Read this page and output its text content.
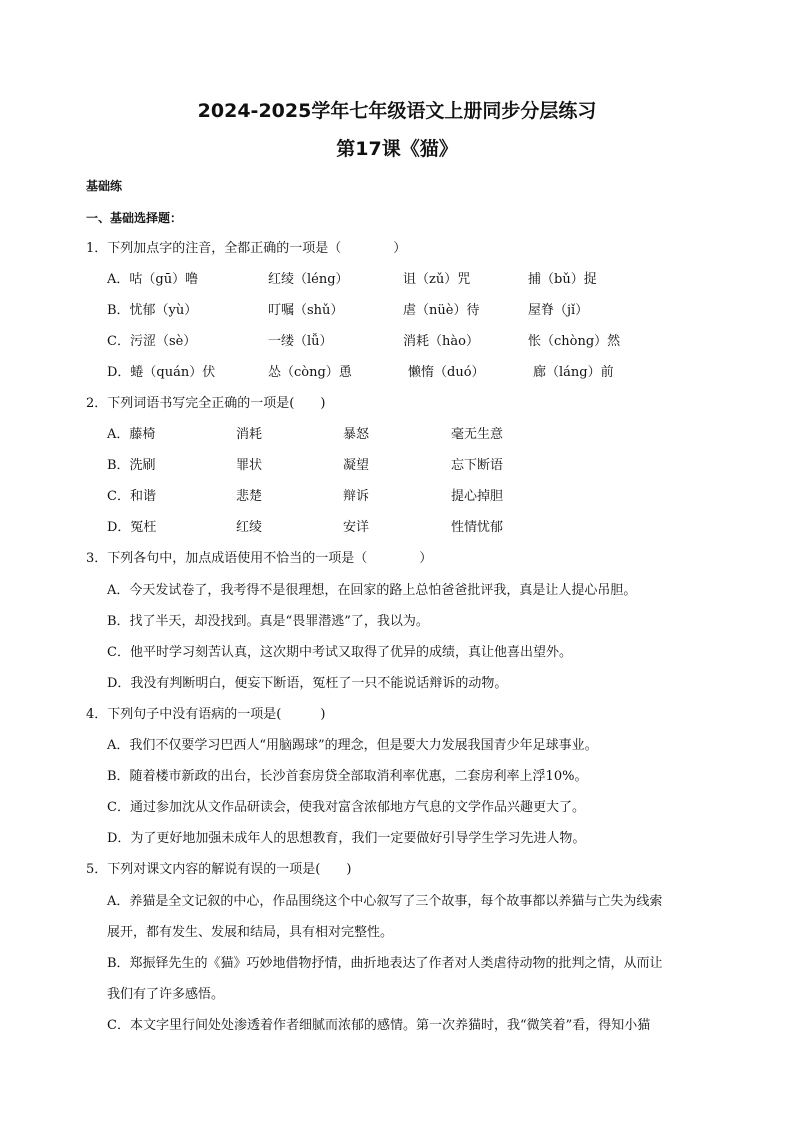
2024-2025学年七年级语文上册同步分层练习
第17课《猫》
基础练
一、基础选择题：
1．下列加点字的注音，全都正确的一项是（　　　　）
A．咕（gū）噜	红绫（léng）	诅（zǔ）咒	捕（bǔ）捉
B．忧郁（yù）	叮嘱（shǔ）	虐（nüè）待	屋脊（jǐ）
C．污涩（sè）	一缕（lǚ）	消耗（hào）	怅（chòng）然
D．蜷（quán）伏	怂（còng）恿	懒惰（duó）	廊（láng）前
2．下列词语书写完全正确的一项是(　　)
A．藤椅	消耗	暴怒	毫无生意
B．洗刷	罪状	凝望	忘下断语
C．和谐	悲楚	辩诉	提心掉胆
D．冤枉	红绫	安详	性情忧郁
3．下列各句中，加点成语使用不恰当的一项是（　　　　）
A．今天发试卷了，我考得不是很理想，在回家的路上总怕爸爸批评我，真是让人提心吊胆。
B．找了半天，却没找到。真是“畏罪潜逃”了，我以为。
C．他平时学习刻苦认真，这次期中考试又取得了优异的成绩，真让他喜出望外。
D．我没有判断明白，便妄下断语，冤枉了一只不能说话辩诉的动物。
4．下列句子中没有语病的一项是(　　　)
A．我们不仅要学习巴西人“用脑踢球”的理念，但是要大力发展我国青少年足球事业。
B．随着楼市新政的出台，长沙首套房贷全部取消利率优惠，二套房利率上浮10%。
C．通过参加沈从文作品研读会，使我对富含浓郁地方气息的文学作品兴趣更大了。
D．为了更好地加强未成年人的思想教育，我们一定要做好引导学生学习先进人物。
5．下列对课文内容的解说有误的一项是(　　)
A．养猫是全文记叙的中心，作品围绕这个中心叙写了三个故事，每个故事都以养猫与亡失为线索
展开，都有发生、发展和结局，具有相对完整性。
B．郑振铎先生的《猫》巧妙地借物抒情，曲折地表达了作者对人类虐待动物的批判之情，从而让
我们有了许多感悟。
C．本文字里行间处处渗透着作者细腻而浓郁的感情。第一次养猫时，我“微笑着”看，得知小猫
